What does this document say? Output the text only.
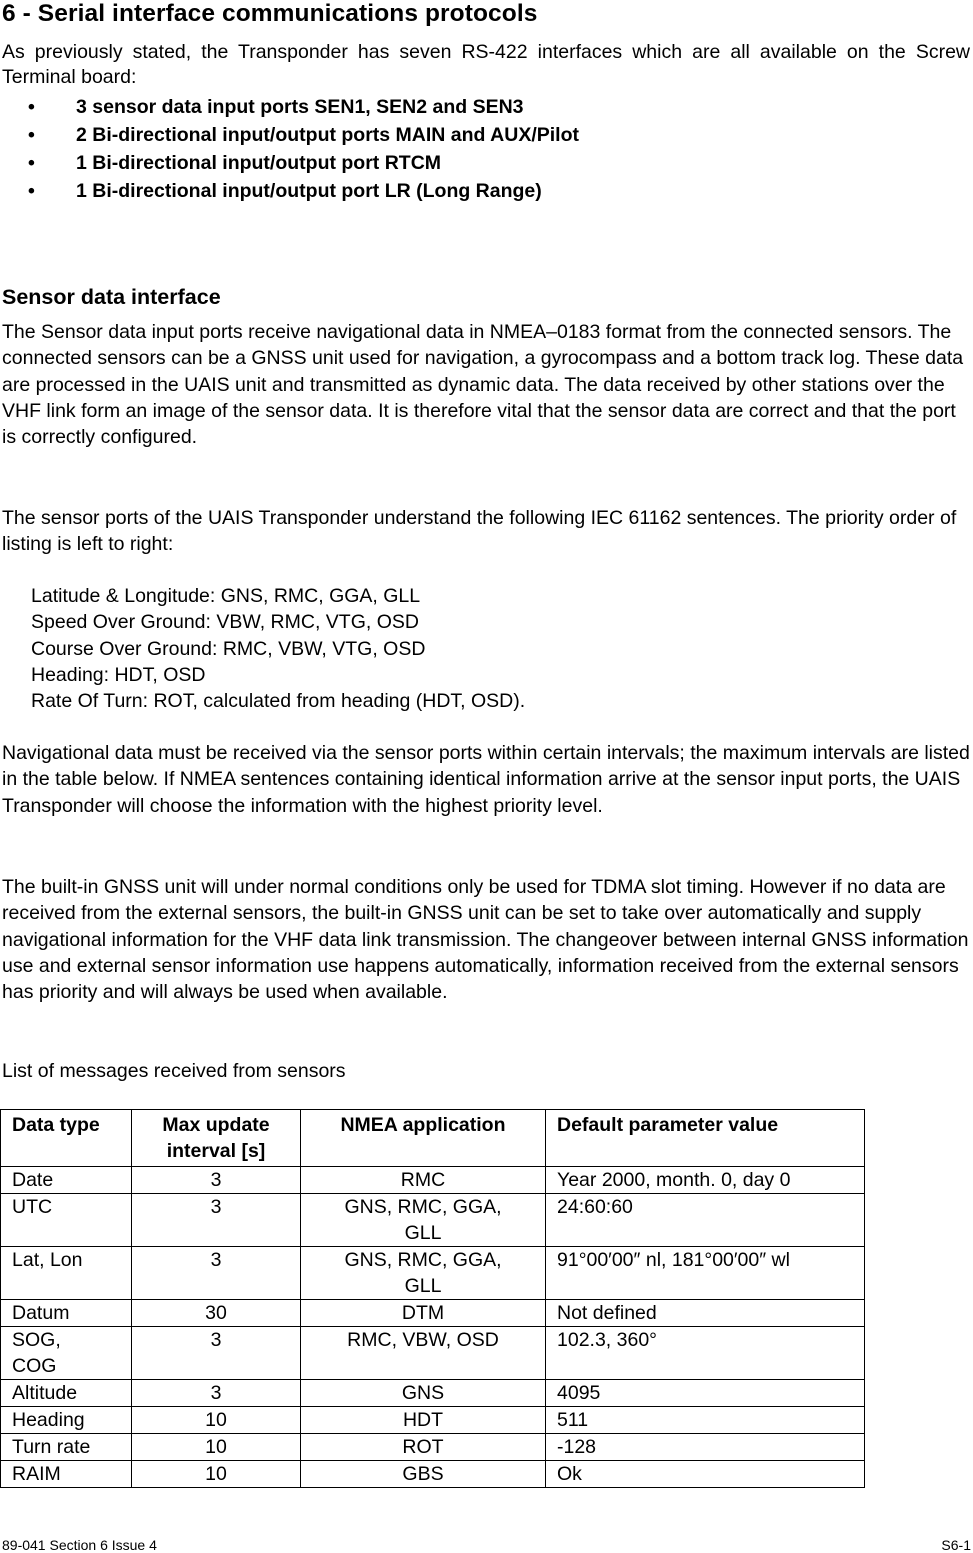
6 - Serial interface communications protocols

As previously stated, the Transponder has seven RS-422 interfaces which are all available on the Screw Terminal board:

• 3 sensor data input ports SEN1, SEN2 and SEN3
• 2 Bi-directional input/output ports MAIN and AUX/Pilot
• 1 Bi-directional input/output port RTCM
• 1 Bi-directional input/output port LR (Long Range)
Sensor data interface

The Sensor data input ports receive navigational data in NMEA–0183 format from the connected sensors. The connected sensors can be a GNSS unit used for navigation, a gyrocompass and a bottom track log. These data are processed in the UAIS unit and transmitted as dynamic data. The data received by other stations over the VHF link form an image of the sensor data. It is therefore vital that the sensor data are correct and that the port is correctly configured.

The sensor ports of the UAIS Transponder understand the following IEC 61162 sentences. The priority order of listing is left to right:

Latitude & Longitude: GNS, RMC, GGA, GLL
Speed Over Ground: VBW, RMC, VTG, OSD
Course Over Ground: RMC, VBW, VTG, OSD
Heading: HDT, OSD
Rate Of Turn: ROT, calculated from heading (HDT, OSD).

Navigational data must be received via the sensor ports within certain intervals; the maximum intervals are listed in the table below. If NMEA sentences containing identical information arrive at the sensor input ports, the UAIS Transponder will choose the information with the highest priority level.

The built-in GNSS unit will under normal conditions only be used for TDMA slot timing. However if no data are received from the external sensors, the built-in GNSS unit can be set to take over automatically and supply navigational information for the VHF data link transmission. The changeover between internal GNSS information use and external sensor information use happens automatically, information received from the external sensors has priority and will always be used when available.

List of messages received from sensors

Data type	Max update interval [s]	NMEA application	Default parameter value
Date	3	RMC	Year 2000, month. 0, day 0
UTC	3	GNS, RMC, GGA, GLL	24:60:60
Lat, Lon	3	GNS, RMC, GGA, GLL	91°00′00″ nl, 181°00′00″ wl
Datum	30	DTM	Not defined
SOG, COG	3	RMC, VBW, OSD	102.3, 360°
Altitude	3	GNS	4095
Heading	10	HDT	511
Turn rate	10	ROT	-128
RAIM	10	GBS	Ok
89-041 Section 6 Issue 4	S6-1
